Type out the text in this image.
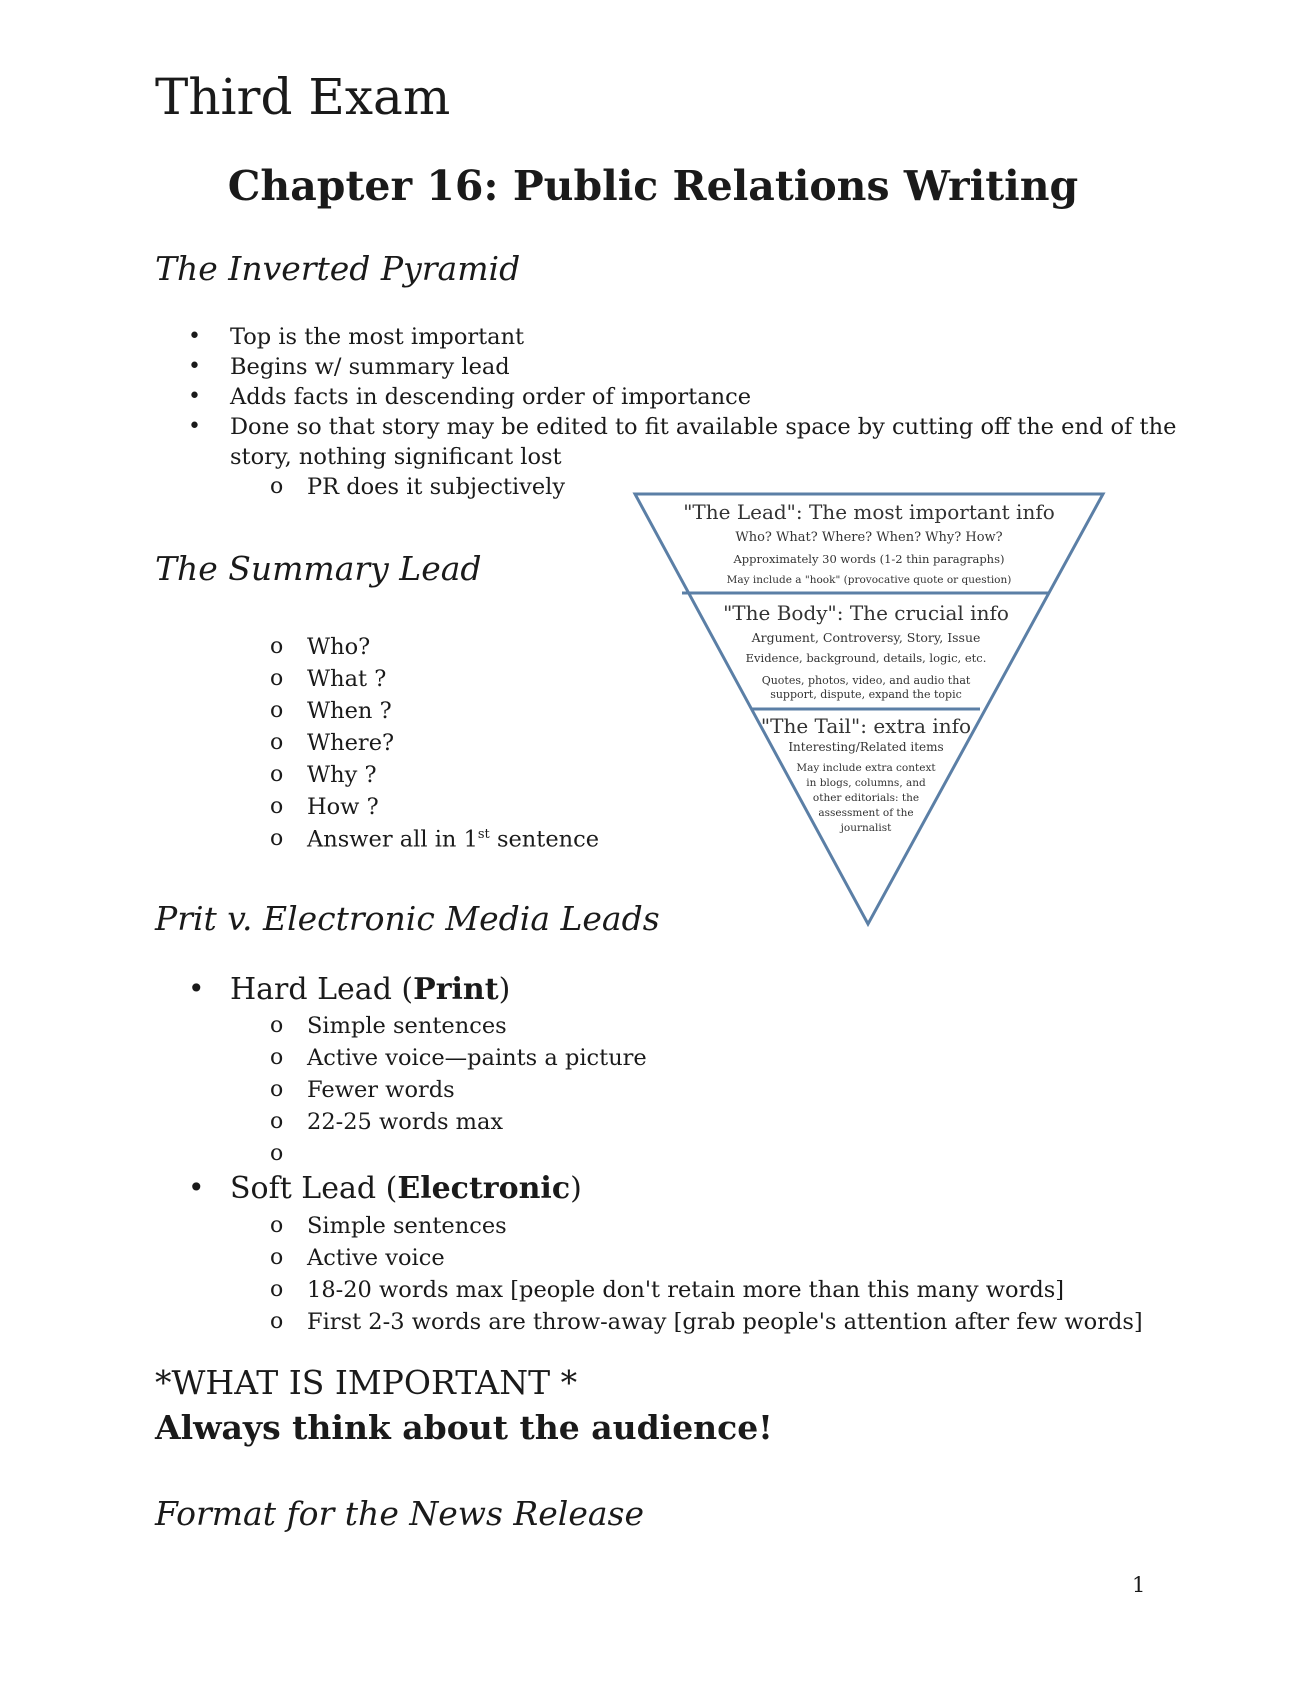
Third Exam
Chapter 16: Public Relations Writing
The Inverted Pyramid
• Top is the most important
• Begins w/ summary lead
• Adds facts in descending order of importance
• Done so that story may be edited to fit available space by cutting off the end of the
story, nothing significant lost
o PR does it subjectively
The Summary Lead
o Who?
o What ?
o When ?
o Where?
o Why ?
o How ?
o Answer all in 1st sentence
Prit v. Electronic Media Leads
• Hard Lead (Print)
o Simple sentences
o Active voice—paints a picture
o Fewer words
o 22-25 words max
o
• Soft Lead (Electronic)
o Simple sentences
o Active voice
o 18-20 words max [people don't retain more than this many words]
o First 2-3 words are throw-away [grab people's attention after few words]
*WHAT IS IMPORTANT *
Always think about the audience!
Format for the News Release
1
"The Lead": The most important info
Who? What? Where? When? Why? How?
Approximately 30 words (1-2 thin paragraphs)
May include a "hook" (provocative quote or question)
"The Body": The crucial info
Argument, Controversy, Story, Issue
Evidence, background, details, logic, etc.
Quotes, photos, video, and audio that
support, dispute, expand the topic
"The Tail": extra info
Interesting/Related items
May include extra context
in blogs, columns, and
other editorials: the
assessment of the
journalist
